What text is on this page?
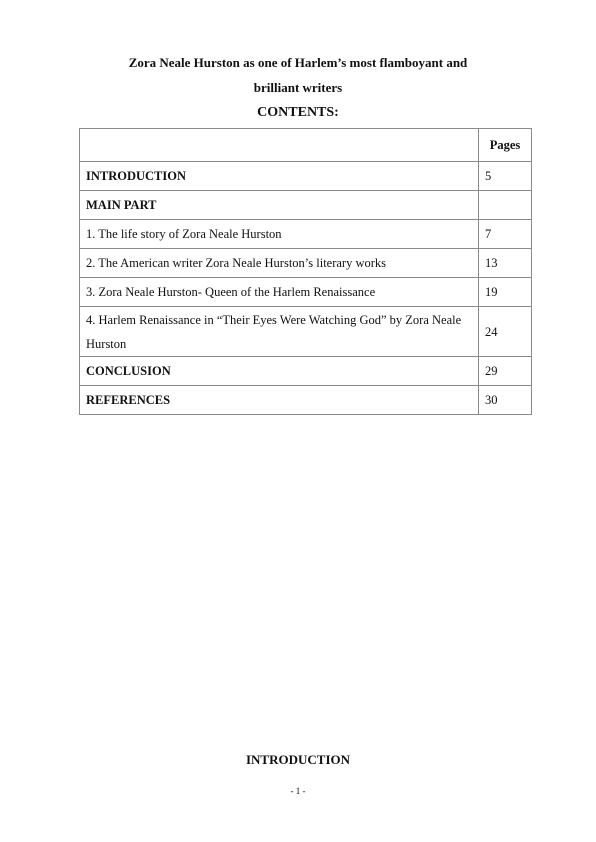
Zora Neale Hurston as one of Harlem’s most flamboyant and
brilliant writers
CONTENTS:
	Pages
INTRODUCTION	5
MAIN PART	
1. The life story of Zora Neale Hurston	7
2. The American writer Zora Neale Hurston’s literary works	13
3. Zora Neale Hurston- Queen of the Harlem Renaissance	19
4. Harlem Renaissance in “Their Eyes Were Watching God” by Zora Neale Hurston	24
CONCLUSION	29
REFERENCES	30
INTRODUCTION
- 1 -
